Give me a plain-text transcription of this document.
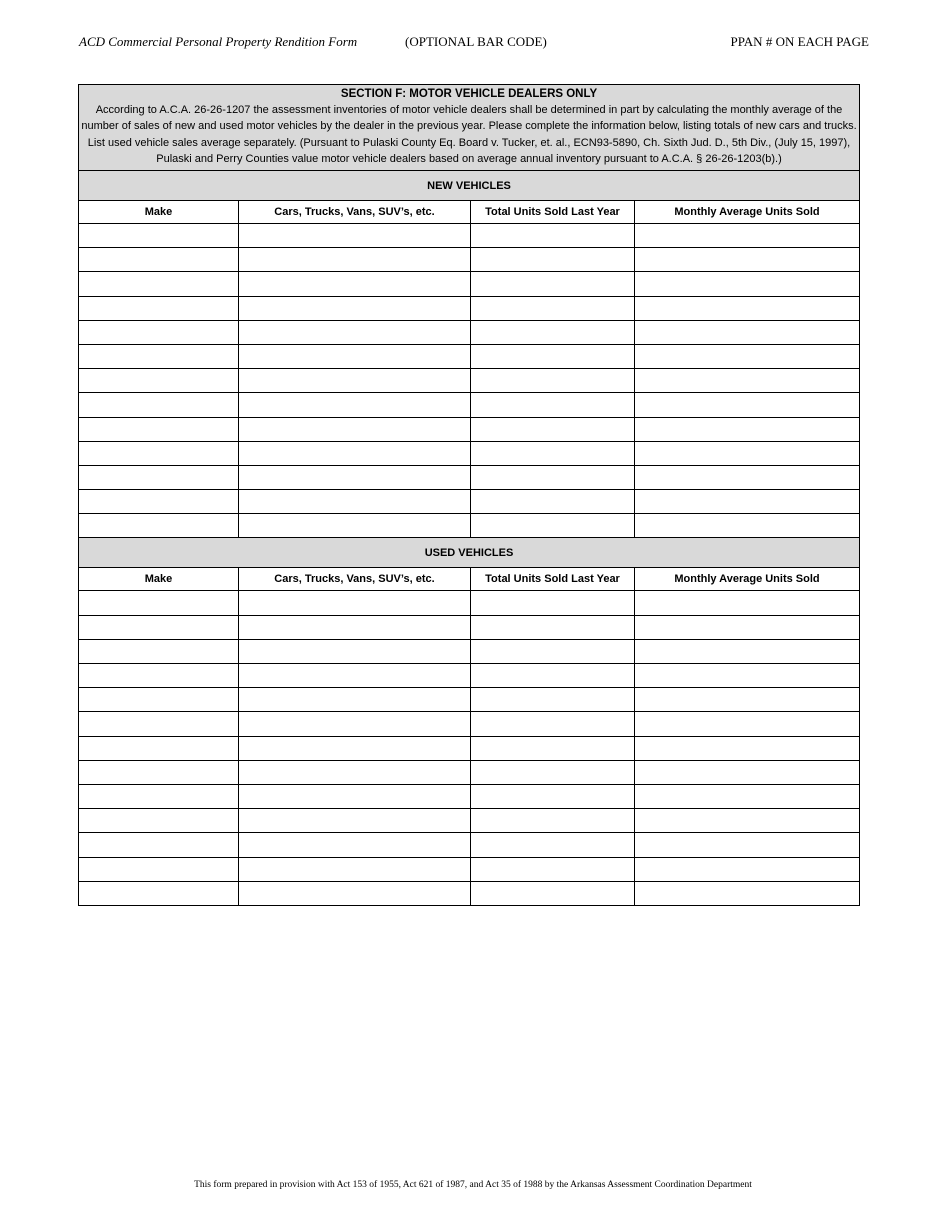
ACD Commercial Personal Property Rendition Form	(OPTIONAL BAR CODE)	PPAN # ON EACH PAGE
SECTION F: MOTOR VEHICLE DEALERS ONLY
According to A.C.A. 26-26-1207 the assessment inventories of motor vehicle dealers shall be determined in part by calculating the monthly average of the number of sales of new and used motor vehicles by the dealer in the previous year. Please complete the information below, listing totals of new cars and trucks. List used vehicle sales average separately. (Pursuant to Pulaski County Eq. Board v. Tucker, et. al., ECN93-5890, Ch. Sixth Jud. D., 5th Div., (July 15, 1997), Pulaski and Perry Counties value motor vehicle dealers based on average annual inventory pursuant to A.C.A. § 26-26-1203(b).)			
NEW VEHICLES			
Make	Cars, Trucks, Vans, SUV’s, etc.	Total Units Sold Last Year	Monthly Average Units Sold

USED VEHICLES			
Make	Cars, Trucks, Vans, SUV’s, etc.	Total Units Sold Last Year	Monthly Average Units Sold

This form prepared in provision with Act 153 of 1955, Act 621 of 1987, and Act 35 of 1988 by the Arkansas Assessment Coordination Department
